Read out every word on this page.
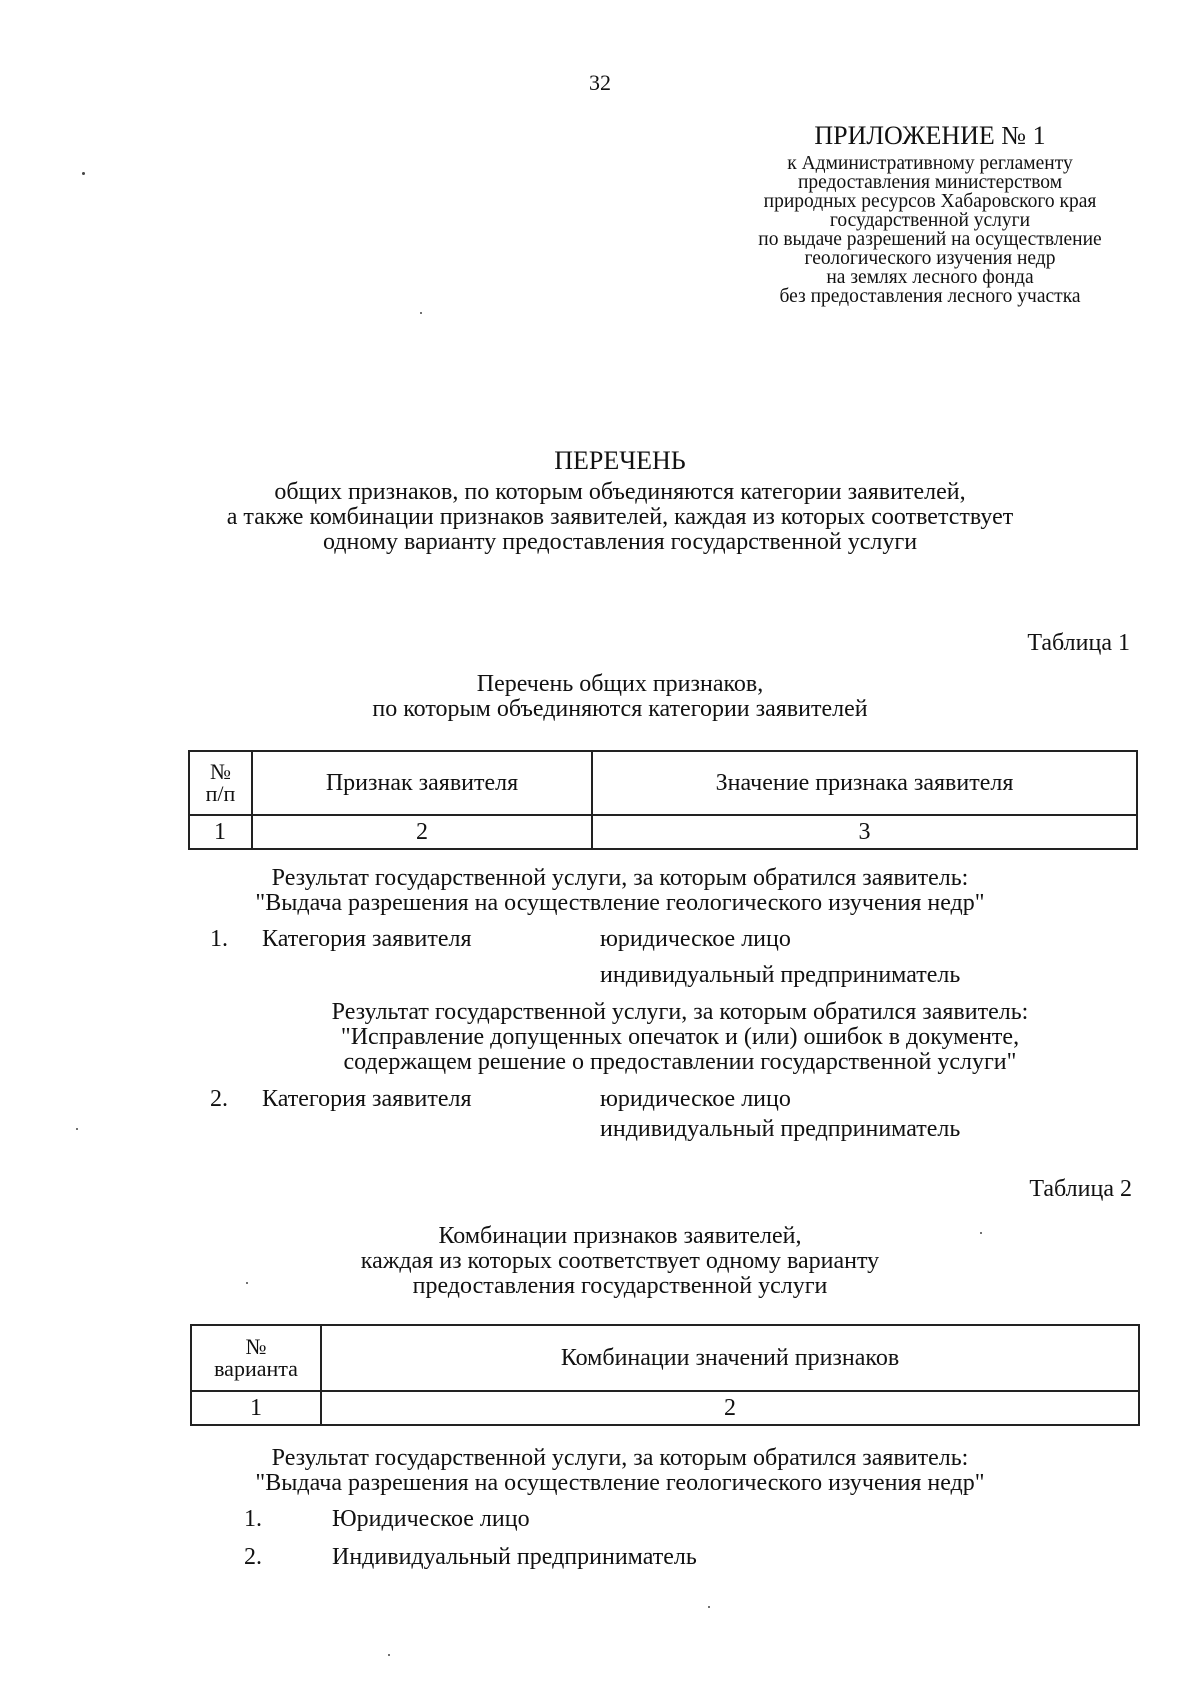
32
ПРИЛОЖЕНИЕ № 1
к Административному регламенту
предоставления министерством
природных ресурсов Хабаровского края
государственной услуги
по выдаче разрешений на осуществление
геологического изучения недр
на землях лесного фонда
без предоставления лесного участка
ПЕРЕЧЕНЬ
общих признаков, по которым объединяются категории заявителей,
а также комбинации признаков заявителей, каждая из которых соответствует
одному варианту предоставления государственной услуги
Таблица 1
Перечень общих признаков,
по которым объединяются категории заявителей
№
п/п	Признак заявителя	Значение признака заявителя
1	2	3
Результат государственной услуги, за которым обратился заявитель:
"Выдача разрешения на осуществление геологического изучения недр"
1. Категория заявителя	юридическое лицо
индивидуальный предприниматель
Результат государственной услуги, за которым обратился заявитель:
"Исправление допущенных опечаток и (или) ошибок в документе,
содержащем решение о предоставлении государственной услуги"
2. Категория заявителя	юридическое лицо
индивидуальный предприниматель
Таблица 2
Комбинации признаков заявителей,
каждая из которых соответствует одному варианту
предоставления государственной услуги
№
варианта	Комбинации значений признаков
1	2
Результат государственной услуги, за которым обратился заявитель:
"Выдача разрешения на осуществление геологического изучения недр"
1.	Юридическое лицо
2.	Индивидуальный предприниматель
